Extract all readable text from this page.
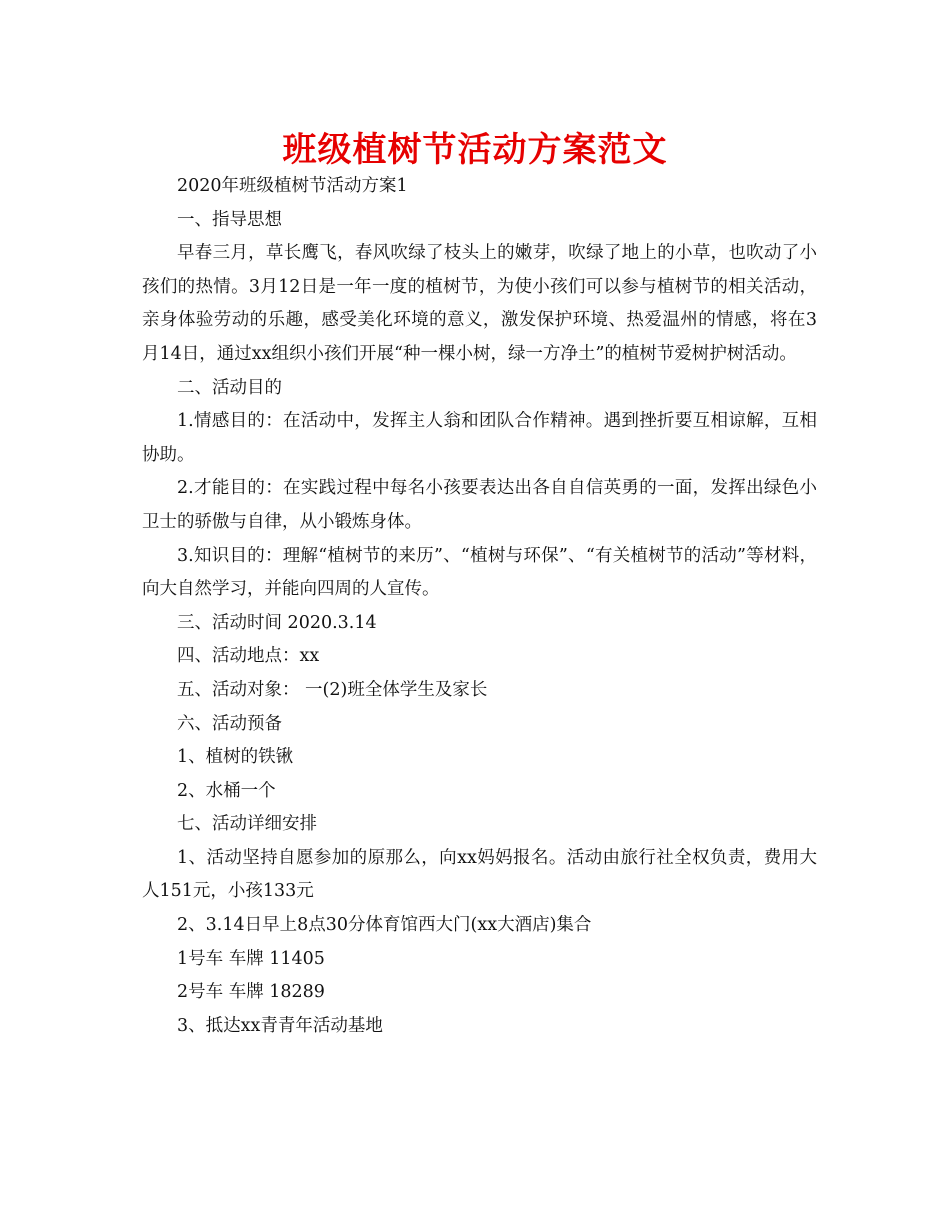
班级植树节活动方案范文

2020年班级植树节活动方案1

一、指导思想

早春三月，草长鹰飞，春风吹绿了枝头上的嫩芽，吹绿了地上的小草，也吹动了小孩们的热情。3月12日是一年一度的植树节，为使小孩们可以参与植树节的相关活动，亲身体验劳动的乐趣，感受美化环境的意义，激发保护环境、热爱温州的情感，将在3月14日，通过xx组织小孩们开展“种一棵小树，绿一方净土”的植树节爱树护树活动。

二、活动目的

1.情感目的：在活动中，发挥主人翁和团队合作精神。遇到挫折要互相谅解，互相协助。

2.才能目的：在实践过程中每名小孩要表达出各自自信英勇的一面，发挥出绿色小卫士的骄傲与自律，从小锻炼身体。

3.知识目的：理解“植树节的来历”、“植树与环保”、“有关植树节的活动”等材料，向大自然学习，并能向四周的人宣传。

三、活动时间 2020.3.14

四、活动地点：xx

五、活动对象： 一(2)班全体学生及家长

六、活动预备

1、植树的铁锹

2、水桶一个

七、活动详细安排

1、活动坚持自愿参加的原那么，向xx妈妈报名。活动由旅行社全权负责，费用大人151元，小孩133元

2、3.14日早上8点30分体育馆西大门(xx大酒店)集合

1号车 车牌 11405

2号车 车牌 18289

3、抵达xx青青年活动基地
